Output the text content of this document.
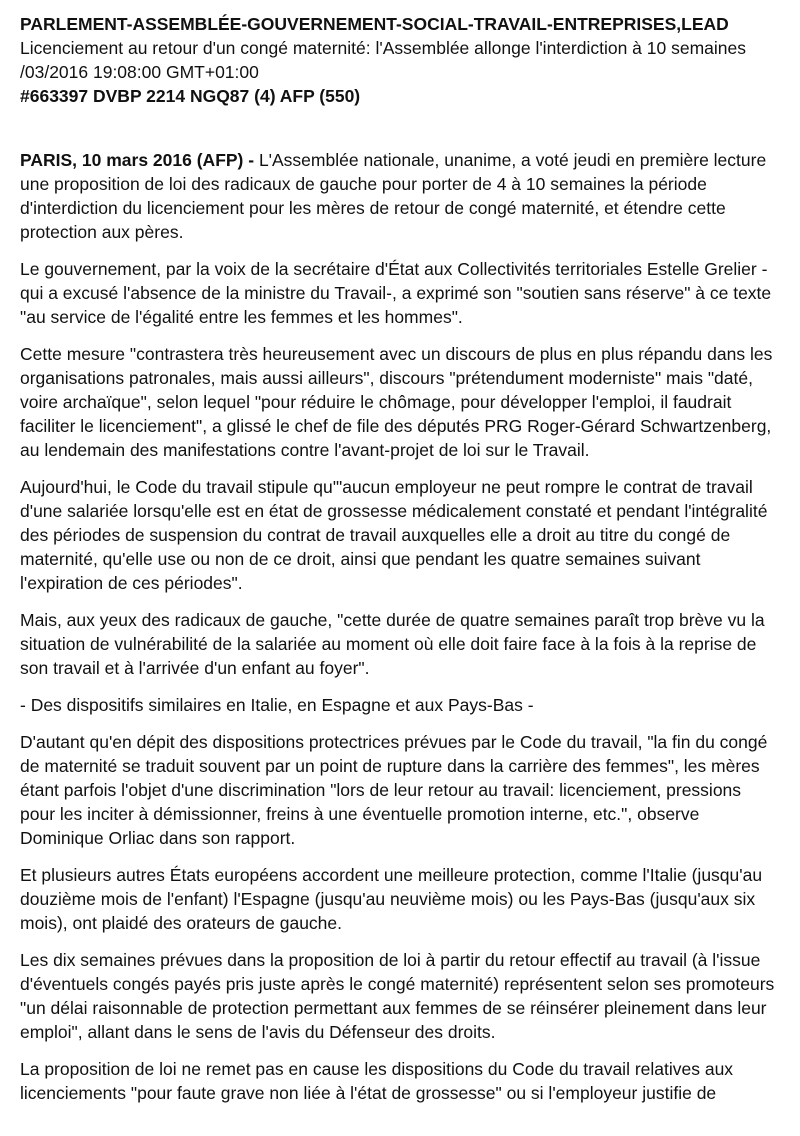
PARLEMENT-ASSEMBLÉE-GOUVERNEMENT-SOCIAL-TRAVAIL-ENTREPRISES,LEAD
Licenciement au retour d'un congé maternité: l'Assemblée allonge l'interdiction à 10 semaines /03/2016 19:08:00 GMT+01:00
#663397 DVBP 2214 NGQ87 (4) AFP (550)

PARIS, 10 mars 2016 (AFP) - L'Assemblée nationale, unanime, a voté jeudi en première lecture une proposition de loi des radicaux de gauche pour porter de 4 à 10 semaines la période d'interdiction du licenciement pour les mères de retour de congé maternité, et étendre cette protection aux pères.

Le gouvernement, par la voix de la secrétaire d'État aux Collectivités territoriales Estelle Grelier -qui a excusé l'absence de la ministre du Travail-, a exprimé son "soutien sans réserve" à ce texte "au service de l'égalité entre les femmes et les hommes".

Cette mesure "contrastera très heureusement avec un discours de plus en plus répandu dans les organisations patronales, mais aussi ailleurs", discours "prétendument moderniste" mais "daté, voire archaïque", selon lequel "pour réduire le chômage, pour développer l'emploi, il faudrait faciliter le licenciement", a glissé le chef de file des députés PRG Roger-Gérard Schwartzenberg, au lendemain des manifestations contre l'avant-projet de loi sur le Travail.

Aujourd'hui, le Code du travail stipule qu'"aucun employeur ne peut rompre le contrat de travail d'une salariée lorsqu'elle est en état de grossesse médicalement constaté et pendant l'intégralité des périodes de suspension du contrat de travail auxquelles elle a droit au titre du congé de maternité, qu'elle use ou non de ce droit, ainsi que pendant les quatre semaines suivant l'expiration de ces périodes".

Mais, aux yeux des radicaux de gauche, "cette durée de quatre semaines paraît trop brève vu la situation de vulnérabilité de la salariée au moment où elle doit faire face à la fois à la reprise de son travail et à l'arrivée d'un enfant au foyer".

- Des dispositifs similaires en Italie, en Espagne et aux Pays-Bas -

D'autant qu'en dépit des dispositions protectrices prévues par le Code du travail, "la fin du congé de maternité se traduit souvent par un point de rupture dans la carrière des femmes", les mères étant parfois l'objet d'une discrimination "lors de leur retour au travail: licenciement, pressions pour les inciter à démissionner, freins à une éventuelle promotion interne, etc.", observe Dominique Orliac dans son rapport.

Et plusieurs autres États européens accordent une meilleure protection, comme l'Italie (jusqu'au douzième mois de l'enfant) l'Espagne (jusqu'au neuvième mois) ou les Pays-Bas (jusqu'aux six mois), ont plaidé des orateurs de gauche.

Les dix semaines prévues dans la proposition de loi à partir du retour effectif au travail (à l'issue d'éventuels congés payés pris juste après le congé maternité) représentent selon ses promoteurs "un délai raisonnable de protection permettant aux femmes de se réinsérer pleinement dans leur emploi", allant dans le sens de l'avis du Défenseur des droits.

La proposition de loi ne remet pas en cause les dispositions du Code du travail relatives aux licenciements "pour faute grave non liée à l'état de grossesse" ou si l'employeur justifie de
